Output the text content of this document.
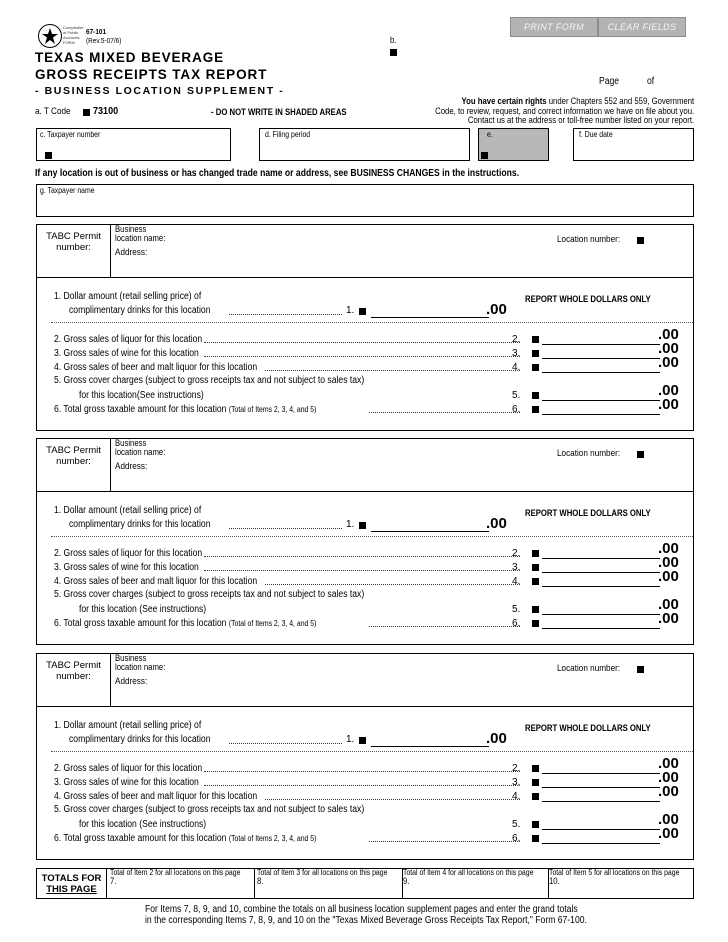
PRINT FORM	CLEAR FIELDS
Comptroller of Public Accounts FORM
67-101
(Rev.5-07/6)
TEXAS MIXED BEVERAGE
GROSS RECEIPTS TAX REPORT
- BUSINESS LOCATION SUPPLEMENT -
b.
Page	of
You have certain rights under Chapters 552 and 559, Government
Code, to review, request, and correct information we have on file about you.
Contact us at the address or toll-free number listed on your report.
a. T Code 73100	- DO NOT WRITE IN SHADED AREAS
c. Taxpayer number	d. Filing period	e.	f. Due date
If any location is out of business or has changed trade name or address, see BUSINESS CHANGES in the instructions.
g. Taxpayer name
TABC Permit
number:
Business
location name:
Address:
Location number:
1. Dollar amount (retail selling price) of
complimentary drinks for this location	1.	.00
REPORT WHOLE DOLLARS ONLY
2. Gross sales of liquor for this location	2.	.00
3. Gross sales of wine for this location	3.	.00
4. Gross sales of beer and malt liquor for this location	4.	.00
5. Gross cover charges (subject to gross receipts tax and not subject to sales tax)
for this location(See instructions)	5.	.00
6. Total gross taxable amount for this location (Total of Items 2, 3, 4, and 5)	6.	.00
TABC Permit
number:
Business
location name:
Address:
Location number:
1. Dollar amount (retail selling price) of
complimentary drinks for this location	1.	.00
REPORT WHOLE DOLLARS ONLY
2. Gross sales of liquor for this location	2.	.00
3. Gross sales of wine for this location	3.	.00
4. Gross sales of beer and malt liquor for this location	4.	.00
5. Gross cover charges (subject to gross receipts tax and not subject to sales tax)
for this location (See instructions)	5.	.00
6. Total gross taxable amount for this location (Total of Items 2, 3, 4, and 5)	6.	.00
TABC Permit
number:
Business
location name:
Address:
Location number:
1. Dollar amount (retail selling price) of
complimentary drinks for this location	1.	.00
REPORT WHOLE DOLLARS ONLY
2. Gross sales of liquor for this location	2.	.00
3. Gross sales of wine for this location	3.	.00
4. Gross sales of beer and malt liquor for this location	4.	.00
5. Gross cover charges (subject to gross receipts tax and not subject to sales tax)
for this location (See instructions)	5.	.00
6. Total gross taxable amount for this location (Total of Items 2, 3, 4, and 5)	6.	.00
TOTALS FOR
THIS PAGE
Total of Item 2 for all locations on this page
7.
Total of Item 3 for all locations on this page
8.
Total of Item 4 for all locations on this page
9.
Total of Item 5 for all locations on this page
10.
For Items 7, 8, 9, and 10, combine the totals on all business location supplement pages and enter the grand totals
in the corresponding Items 7, 8, 9, and 10 on the "Texas Mixed Beverage Gross Receipts Tax Report," Form 67-100.
